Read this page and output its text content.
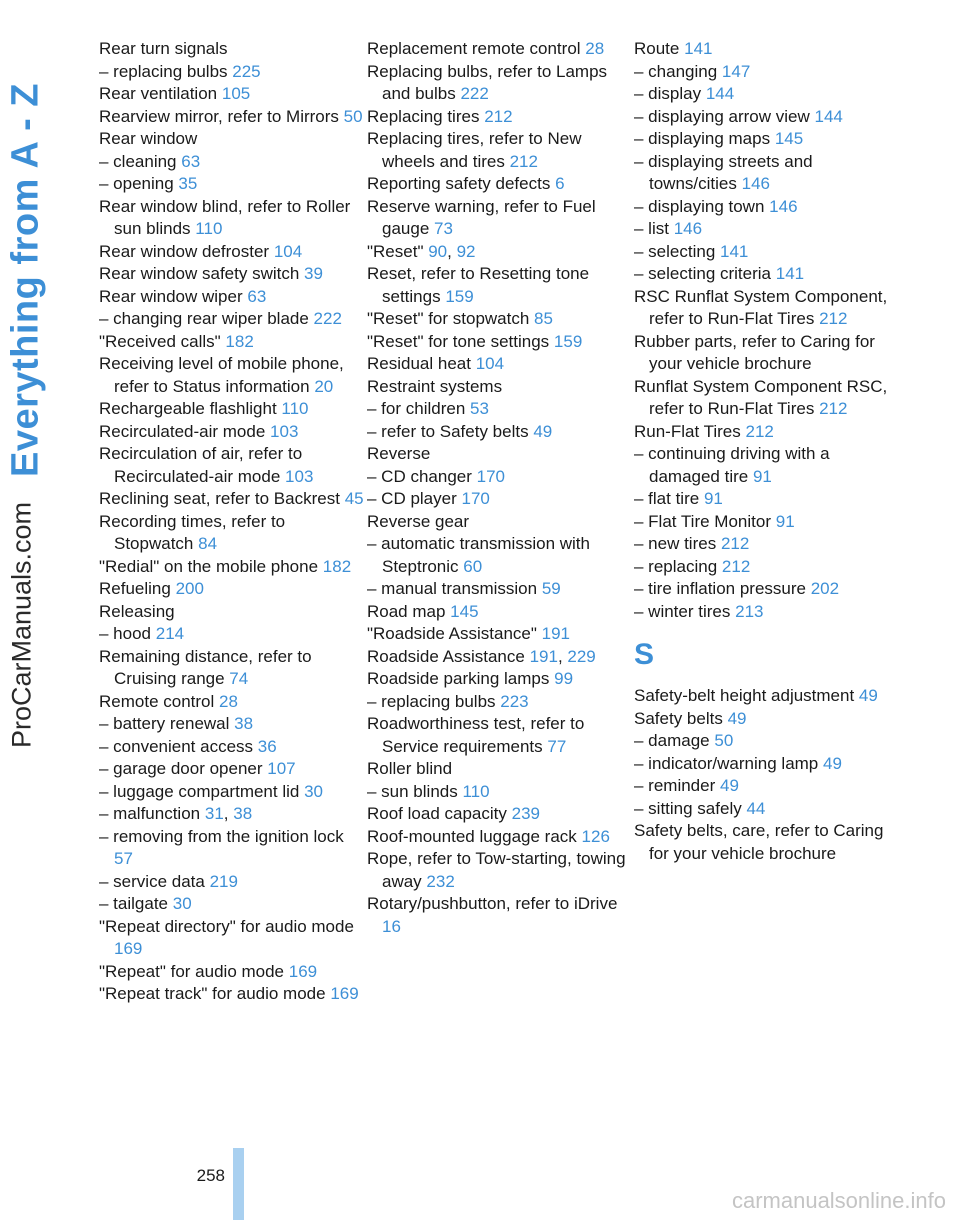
Everything from A - Z
ProCarManuals.com
Rear turn signals
– replacing bulbs 225
Rear ventilation 105
Rearview mirror, refer to Mirrors 50
Rear window
– cleaning 63
– opening 35
Rear window blind, refer to Roller sun blinds 110
Rear window defroster 104
Rear window safety switch 39
Rear window wiper 63
– changing rear wiper blade 222
"Received calls" 182
Receiving level of mobile phone, refer to Status information 20
Rechargeable flashlight 110
Recirculated-air mode 103
Recirculation of air, refer to Recirculated-air mode 103
Reclining seat, refer to Backrest 45
Recording times, refer to Stopwatch 84
"Redial" on the mobile phone 182
Refueling 200
Releasing
– hood 214
Remaining distance, refer to Cruising range 74
Remote control 28
– battery renewal 38
– convenient access 36
– garage door opener 107
– luggage compartment lid 30
– malfunction 31, 38
– removing from the ignition lock 57
– service data 219
– tailgate 30
"Repeat directory" for audio mode 169
"Repeat" for audio mode 169
"Repeat track" for audio mode 169
Replacement remote control 28
Replacing bulbs, refer to Lamps and bulbs 222
Replacing tires 212
Replacing tires, refer to New wheels and tires 212
Reporting safety defects 6
Reserve warning, refer to Fuel gauge 73
"Reset" 90, 92
Reset, refer to Resetting tone settings 159
"Reset" for stopwatch 85
"Reset" for tone settings 159
Residual heat 104
Restraint systems
– for children 53
– refer to Safety belts 49
Reverse
– CD changer 170
– CD player 170
Reverse gear
– automatic transmission with Steptronic 60
– manual transmission 59
Road map 145
"Roadside Assistance" 191
Roadside Assistance 191, 229
Roadside parking lamps 99
– replacing bulbs 223
Roadworthiness test, refer to Service requirements 77
Roller blind
– sun blinds 110
Roof load capacity 239
Roof-mounted luggage rack 126
Rope, refer to Tow-starting, towing away 232
Rotary/pushbutton, refer to iDrive 16
Route 141
– changing 147
– display 144
– displaying arrow view 144
– displaying maps 145
– displaying streets and towns/cities 146
– displaying town 146
– list 146
– selecting 141
– selecting criteria 141
RSC Runflat System Component, refer to Run-Flat Tires 212
Rubber parts, refer to Caring for your vehicle brochure
Runflat System Component RSC, refer to Run-Flat Tires 212
Run-Flat Tires 212
– continuing driving with a damaged tire 91
– flat tire 91
– Flat Tire Monitor 91
– new tires 212
– replacing 212
– tire inflation pressure 202
– winter tires 213
S
Safety-belt height adjustment 49
Safety belts 49
– damage 50
– indicator/warning lamp 49
– reminder 49
– sitting safely 44
Safety belts, care, refer to Caring for your vehicle brochure
258
carmanualsonline.info
